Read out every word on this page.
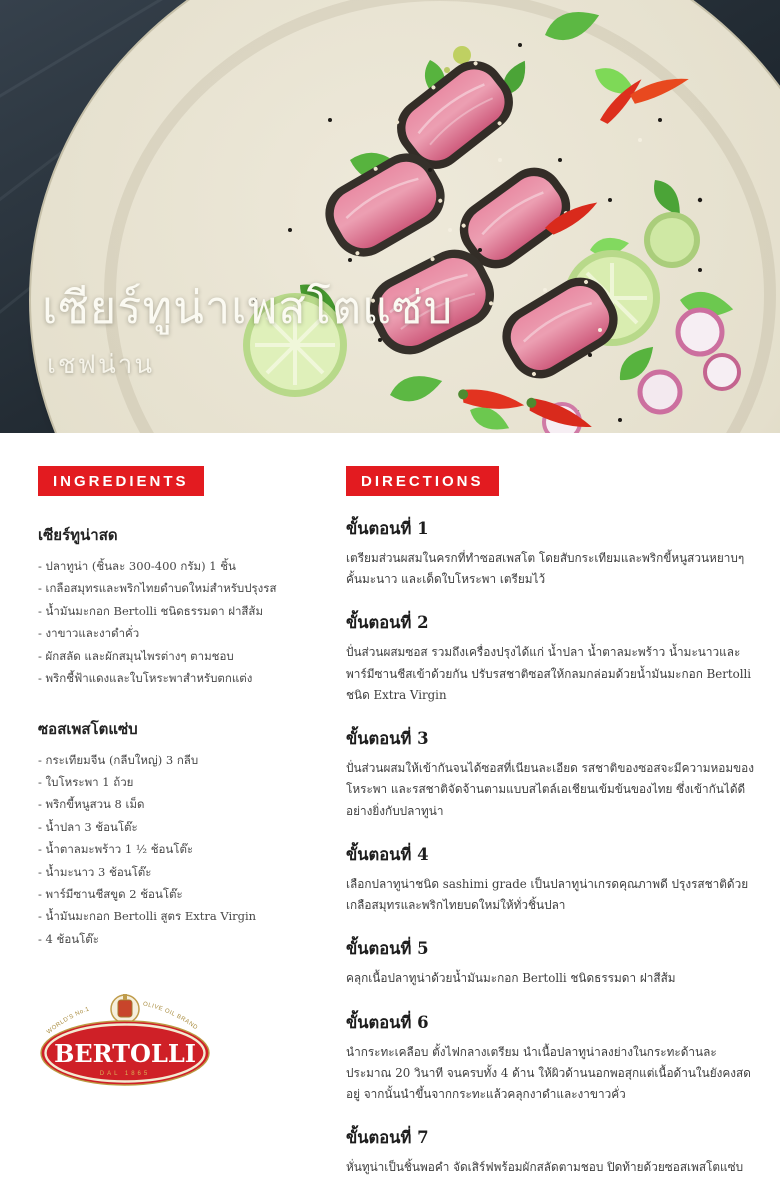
เซียร์ทูน่าเพสโตแซ่บ
เชฟน่าน
INGREDIENTS
เซียร์ทูน่าสด
- ปลาทูน่า (ชิ้นละ 300-400 กรัม) 1 ชิ้น
- เกลือสมุทรและพริกไทยดำบดใหม่สำหรับปรุงรส
- น้ำมันมะกอก Bertolli ชนิดธรรมดา ฝาสีส้ม
- งาขาวและงาดำคั่ว
- ผักสลัด และผักสมุนไพรต่างๆ ตามชอบ
- พริกชี้ฟ้าแดงและใบโหระพาสำหรับตกแต่ง
ซอสเพสโตแซ่บ
- กระเทียมจีน (กลีบใหญ่) 3 กลีบ
- ใบโหระพา 1 ถ้วย
- พริกขี้หนูสวน 8 เม็ด
- น้ำปลา 3 ช้อนโต๊ะ
- น้ำตาลมะพร้าว 1 ½ ช้อนโต๊ะ
- น้ำมะนาว 3 ช้อนโต๊ะ
- พาร์มีซานชีสขูด 2 ช้อนโต๊ะ
- น้ำมันมะกอก Bertolli สูตร Extra Virgin
- 4 ช้อนโต๊ะ
WORLD'S No.1
OLIVE OIL BRAND
BERTOLLI
DAL 1865
DIRECTIONS
ขั้นตอนที่ 1

เตรียมส่วนผสมในครกที่ทำซอสเพสโต โดยสับกระเทียมและพริกขี้หนูสวนหยาบๆ คั้นมะนาว และเด็ดใบโหระพา เตรียมไว้

ขั้นตอนที่ 2

ปั่นส่วนผสมซอส รวมถึงเครื่องปรุงได้แก่ น้ำปลา น้ำตาลมะพร้าว น้ำมะนาวและพาร์มีซานชีสเข้าด้วยกัน ปรับรสชาติซอสให้กลมกล่อมด้วยน้ำมันมะกอก Bertolli ชนิด Extra Virgin

ขั้นตอนที่ 3

ปั่นส่วนผสมให้เข้ากันจนได้ซอสที่เนียนละเอียด รสชาติของซอสจะมีความหอมของโหระพา และรสชาติจัดจ้านตามแบบสไตล์เอเชียนเข้มข้นของไทย ซึ่งเข้ากันได้ดีอย่างยิ่งกับปลาทูน่า

ขั้นตอนที่ 4

เลือกปลาทูน่าชนิด sashimi grade เป็นปลาทูน่าเกรดคุณภาพดี ปรุงรสชาติด้วยเกลือสมุทรและพริกไทยบดใหม่ให้ทั่วชิ้นปลา

ขั้นตอนที่ 5

คลุกเนื้อปลาทูน่าด้วยน้ำมันมะกอก Bertolli ชนิดธรรมดา ฝาสีส้ม

ขั้นตอนที่ 6

นำกระทะเคลือบ ตั้งไฟกลางเตรียม นำเนื้อปลาทูน่าลงย่างในกระทะด้านละประมาณ 20 วินาที จนครบทั้ง 4 ด้าน ให้ผิวด้านนอกพอสุกแต่เนื้อด้านในยังคงสดอยู่ จากนั้นนำขึ้นจากกระทะแล้วคลุกงาดำและงาขาวคั่ว

ขั้นตอนที่ 7

หั่นทูน่าเป็นชิ้นพอคำ จัดเสิร์ฟพร้อมผักสลัดตามชอบ ปิดท้ายด้วยซอสเพสโตแซ่บ
